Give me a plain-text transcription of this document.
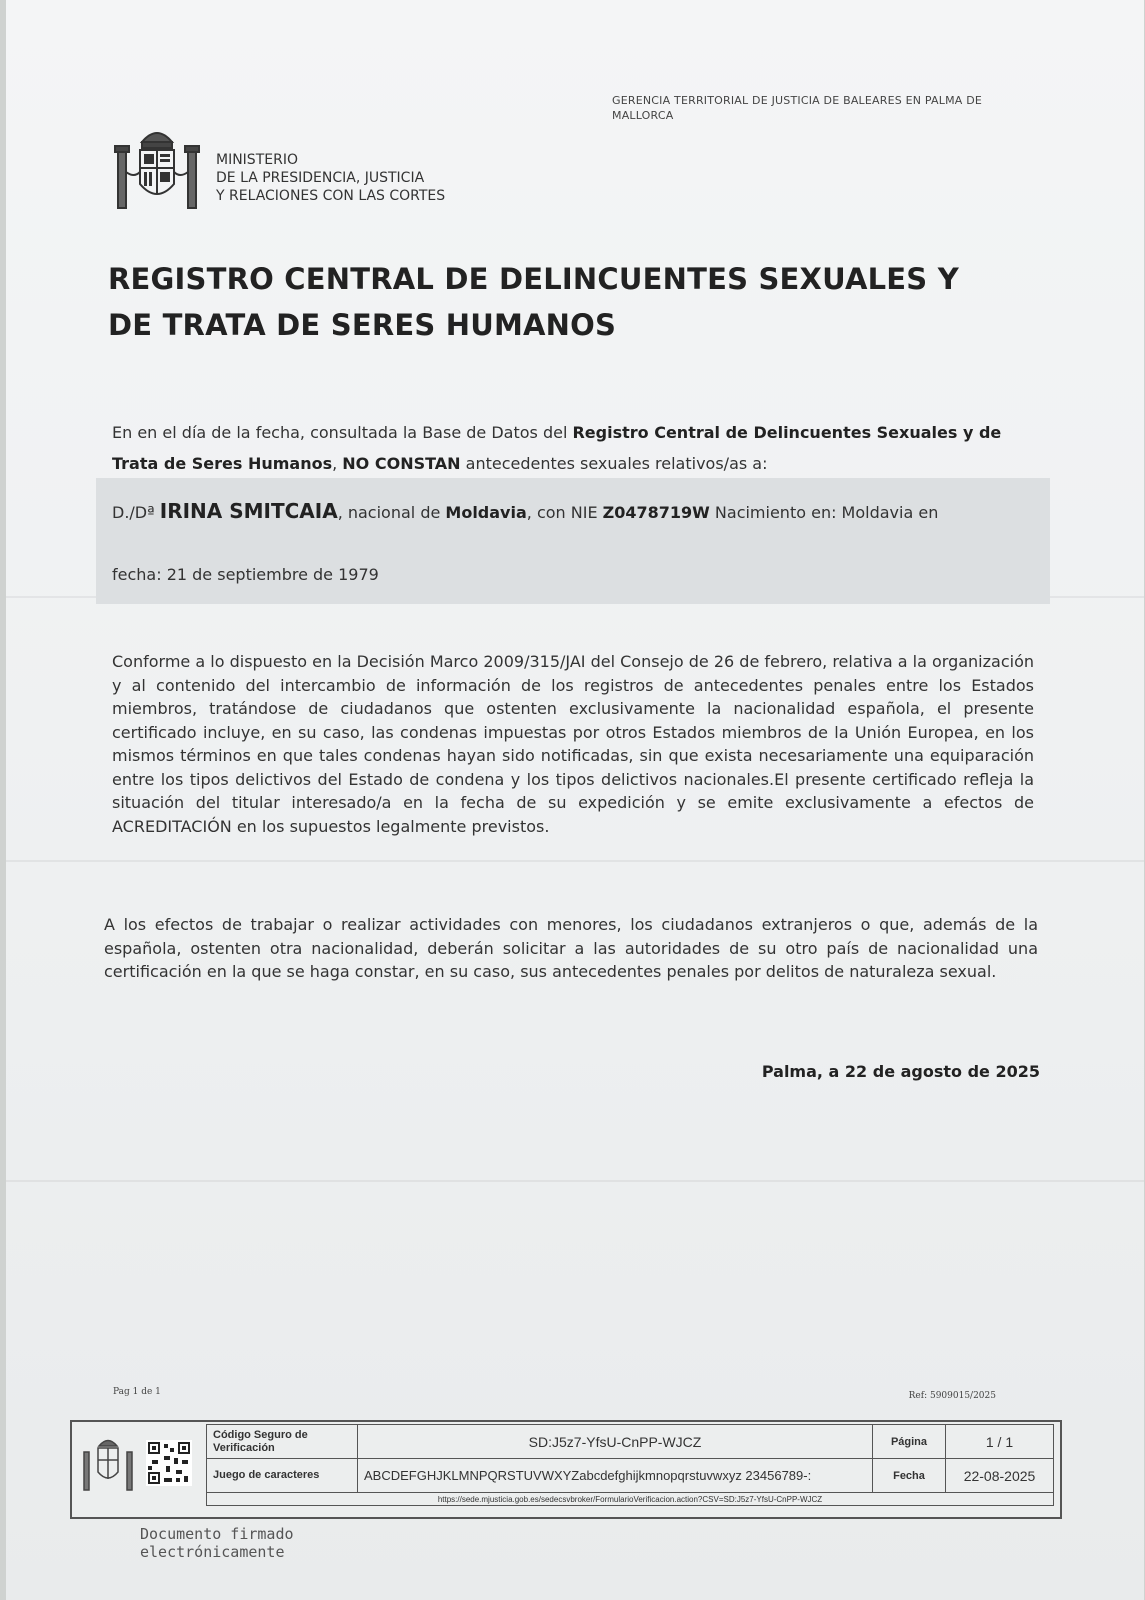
GERENCIA TERRITORIAL DE JUSTICIA DE BALEARES EN PALMA DE MALLORCA
MINISTERIO
DE LA PRESIDENCIA, JUSTICIA
Y RELACIONES CON LAS CORTES
REGISTRO CENTRAL DE DELINCUENTES SEXUALES Y
DE TRATA DE SERES HUMANOS
En en el día de la fecha, consultada la Base de Datos del Registro Central de Delincuentes Sexuales y de Trata de Seres Humanos, NO CONSTAN antecedentes sexuales relativos/as a:
D./Dª IRINA SMITCAIA, nacional de Moldavia, con NIE Z0478719W Nacimiento en: Moldavia en
fecha: 21 de septiembre de 1979
Conforme a lo dispuesto en la Decisión Marco 2009/315/JAI del Consejo de 26 de febrero, relativa a la organización y al contenido del intercambio de información de los registros de antecedentes penales entre los Estados miembros, tratándose de ciudadanos que ostenten exclusivamente la nacionalidad española, el presente certificado incluye, en su caso, las condenas impuestas por otros Estados miembros de la Unión Europea, en los mismos términos en que tales condenas hayan sido notificadas, sin que exista necesariamente una equiparación entre los tipos delictivos del Estado de condena y los tipos delictivos nacionales.El presente certificado refleja la situación del titular interesado/a en la fecha de su expedición y se emite exclusivamente a efectos de ACREDITACIÓN en los supuestos legalmente previstos.
A los efectos de trabajar o realizar actividades con menores, los ciudadanos extranjeros o que, además de la española, ostenten otra nacionalidad, deberán solicitar a las autoridades de su otro país de nacionalidad una certificación en la que se haga constar, en su caso, sus antecedentes penales por delitos de naturaleza sexual.
Palma, a 22 de agosto de 2025
Pag 1 de 1	Ref: 5909015/2025
Código Seguro de Verificación	SD:J5z7-YfsU-CnPP-WJCZ	Página	1 / 1
Juego de caracteres	ABCDEFGHJKLMNPQRSTUVWXYZabcdefghijkmnopqrstuvwxyz 23456789-:	Fecha	22-08-2025
https://sede.mjusticia.gob.es/sedecsvbroker/FormularioVerificacion.action?CSV=SD:J5z7-YfsU-CnPP-WJCZ			
Documento firmado
electrónicamente
